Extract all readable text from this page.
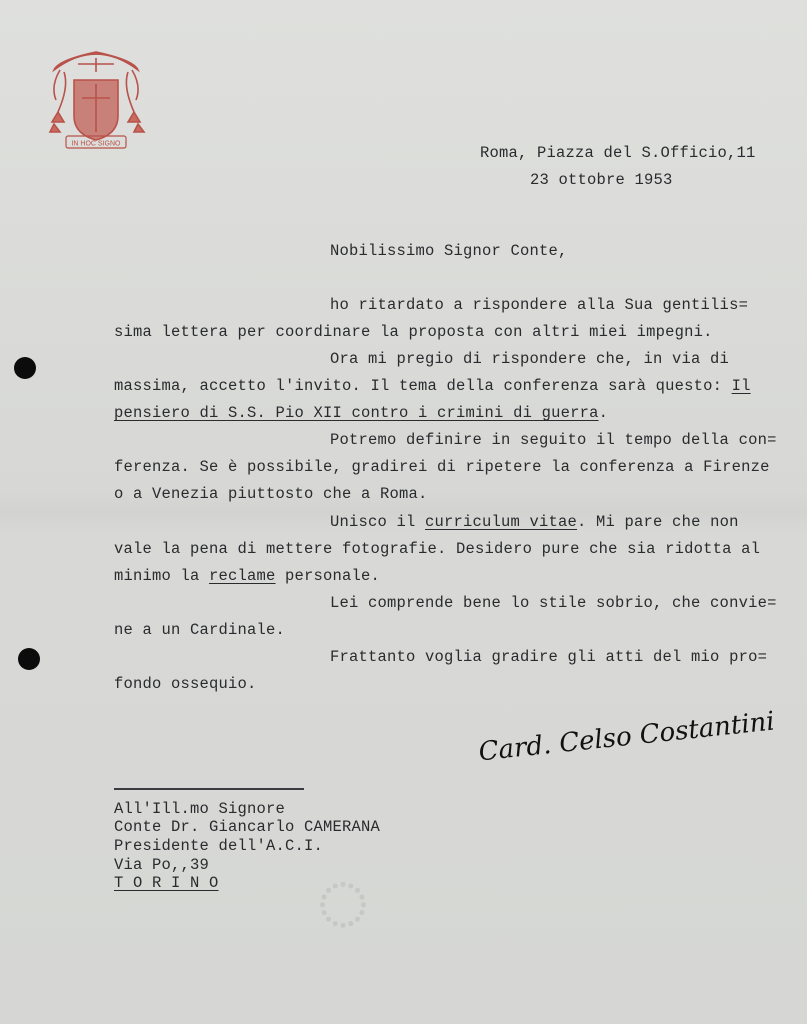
◌
IN HOC SIGNO	Roma, Piazza del S.Officio,11
23 ottobre 1953
Nobilissimo Signor Conte,
ho ritardato a rispondere alla Sua gentilis=
sima lettera per coordinare la proposta con altri miei impegni.
Ora mi pregio di rispondere che, in via di
massima, accetto l'invito. Il tema della conferenza sarà questo: Il
pensiero di S.S. Pio XII contro i crimini di guerra.
Potremo definire in seguito il tempo della con=
ferenza. Se è possibile, gradirei di ripetere la conferenza a Firenze
o a Venezia piuttosto che a Roma.
Unisco il curriculum vitae. Mi pare che non
vale la pena di mettere fotografie. Desidero pure che sia ridotta al
minimo la reclame personale.
Lei comprende bene lo stile sobrio, che convie=
ne a un Cardinale.
Frattanto voglia gradire gli atti del mio pro=
fondo ossequio.
Card. Celso Costantini
All'Ill.mo Signore
Conte Dr. Giancarlo CAMERANA
Presidente dell'A.C.I.
Via Po,,39
T O R I N O
